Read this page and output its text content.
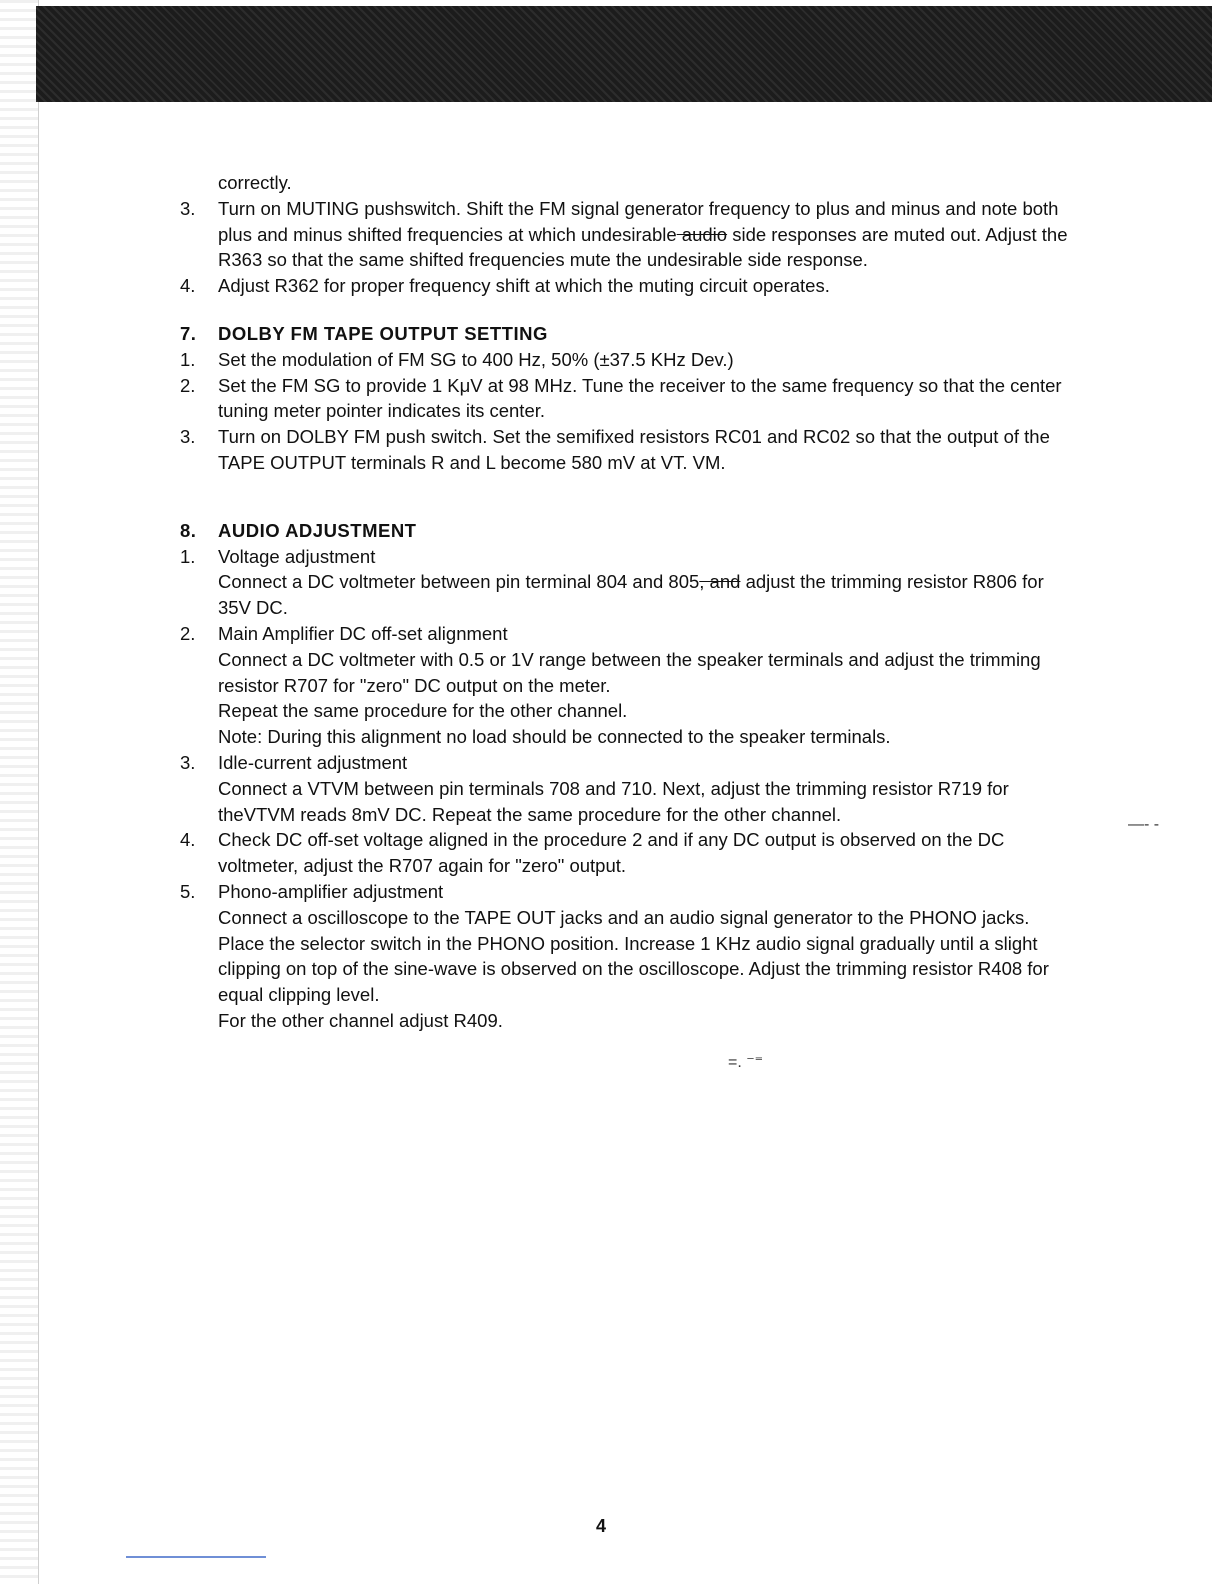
correctly.

3. Turn on MUTING pushswitch. Shift the FM signal generator frequency to plus and minus and note both plus and minus shifted frequencies at which undesirable audio side responses are muted out. Adjust the R363 so that the same shifted frequencies mute the undesirable side response.
4. Adjust R362 for proper frequency shift at which the muting circuit operates.

7. DOLBY FM TAPE OUTPUT SETTING

1. Set the modulation of FM SG to 400 Hz, 50% (±37.5 KHz Dev.)
2. Set the FM SG to provide 1 KμV at 98 MHz. Tune the receiver to the same frequency so that the center tuning meter pointer indicates its center.
3. Turn on DOLBY FM push switch. Set the semifixed resistors RC01 and RC02 so that the output of the TAPE OUTPUT terminals R and L become 580 mV at VT. VM.

8. AUDIO ADJUSTMENT

1. Voltage adjustment
Connect a DC voltmeter between pin terminal 804 and 805, and adjust the trimming resistor R806 for 35V DC.
2. Main Amplifier DC off-set alignment
Connect a DC voltmeter with 0.5 or 1V range between the speaker terminals and adjust the trimming resistor R707 for "zero" DC output on the meter.
Repeat the same procedure for the other channel.
Note: During this alignment no load should be connected to the speaker terminals.
3. Idle-current adjustment
Connect a VTVM between pin terminals 708 and 710. Next, adjust the trimming resistor R719 for theVTVM reads 8mV DC. Repeat the same procedure for the other channel.
4. Check DC off-set voltage aligned in the procedure 2 and if any DC output is observed on the DC voltmeter, adjust the R707 again for "zero" output.
5. Phono-amplifier adjustment
Connect a oscilloscope to the TAPE OUT jacks and an audio signal generator to the PHONO jacks. Place the selector switch in the PHONO position. Increase 1 KHz audio signal gradually until a slight clipping on top of the sine-wave is observed on the oscilloscope. Adjust the trimming resistor R408 for equal clipping level.
For the other channel adjust R409.
—‑ -
=. ⁻⁼
4
